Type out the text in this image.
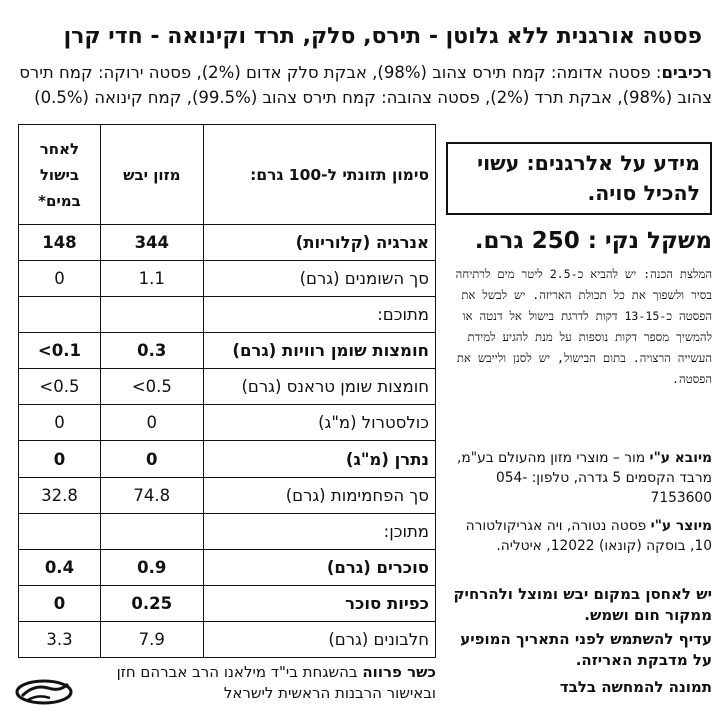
פסטה אורגנית ללא גלוטן - תירס, סלק, תרד וקינואה - חדי קרן
רכיבים: פסטה אדומה: קמח תירס צהוב (98%), אבקת סלק אדום (2%), פסטה ירוקה: קמח תירס צהוב (98%), אבקת תרד (2%), פסטה צהובה: קמח תירס צהוב (99.5%), קמח קינואה (0.5%)
מידע על אלרגנים: עשוי להכיל סויה.
משקל נקי : 250 גרם.
המלצת הכנה: יש להביא כ-2.5 ליטר מים לרתיחה בסיר ולשפוך את כל תכולת האריזה. יש לבשל את הפסטה כ-13-15 דקות לדרגת בישול אל דנטה או להמשיך מספר דקות נוספות על מנת להגיע למידת העשייה הרצויה. בתום הבישול, יש לסנן ולייבש את הפסטה.
מיובא ע"י מור – מוצרי מזון מהעולם בע"מ, מרבד הקסמים 5 גדרה, טלפון: 054-7153600
מיוצר ע"י פסטה נטורה, ויה אגריקולטורה 10, בוסקה (קונאו) 12022, איטליה.

יש לאחסן במקום יבש ומוצל ולהרחיק ממקור חום ושמש.

עדיף להשתמש לפני התאריך המופיע על מדבקת האריזה.

תמונה להמחשה בלבד
סימון תזונתי ל-100 גרם:	מזון יבש	לאחר בישול במים*
אנרגיה (קלוריות)	344	148
סך השומנים (גרם)	1.1	0
מתוכם:		
חומצות שומן רוויות (גרם)	0.3	0.1>
חומצות שומן טראנס (גרם)	0.5>	0.5>
כולסטרול (מ"ג)	0	0
נתרן (מ"ג)	0	0
סך הפחמימות (גרם)	74.8	32.8
מתוכן:		
סוכרים (גרם)	0.9	0.4
כפיות סוכר	0.25	0
חלבונים (גרם)	7.9	3.3
כשר פרווה בהשגחת בי"ד מילאנו הרב אברהם חזן ובאישור הרבנות הראשית לישראל
